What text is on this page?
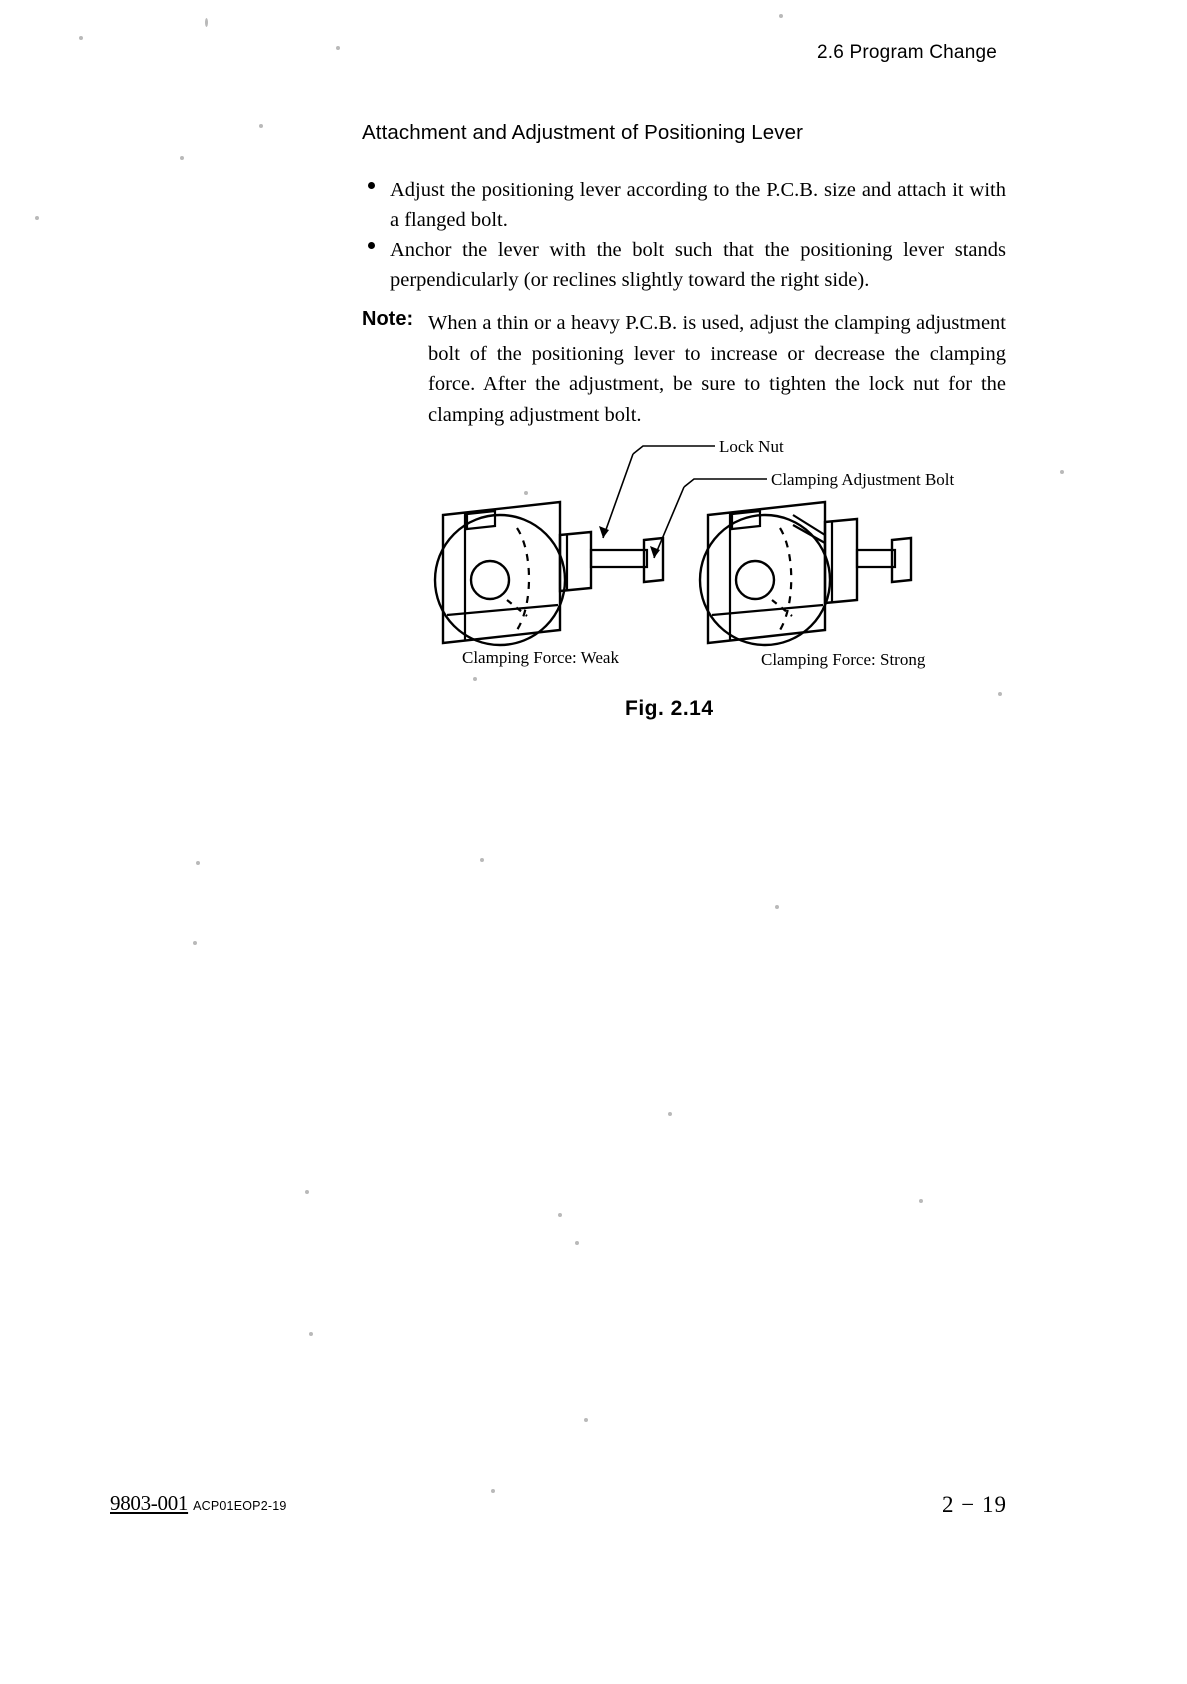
2.6 Program Change
Attachment and Adjustment of Positioning Lever
Adjust the positioning lever according to the P.C.B. size and attach it with a flanged bolt.
Anchor the lever with the bolt such that the positioning lever stands perpendicularly (or reclines slightly toward the right side).
Note: When a thin or a heavy P.C.B. is used, adjust the clamping adjustment bolt of the positioning lever to increase or decrease the clamping force. After the adjustment, be sure to tighten the lock nut for the clamping adjustment bolt.
Lock Nut
Clamping Adjustment Bolt
Clamping Force: Weak	Clamping Force: Strong
Fig. 2.14
9803-001 ACP01EOP2-19	2 − 19
